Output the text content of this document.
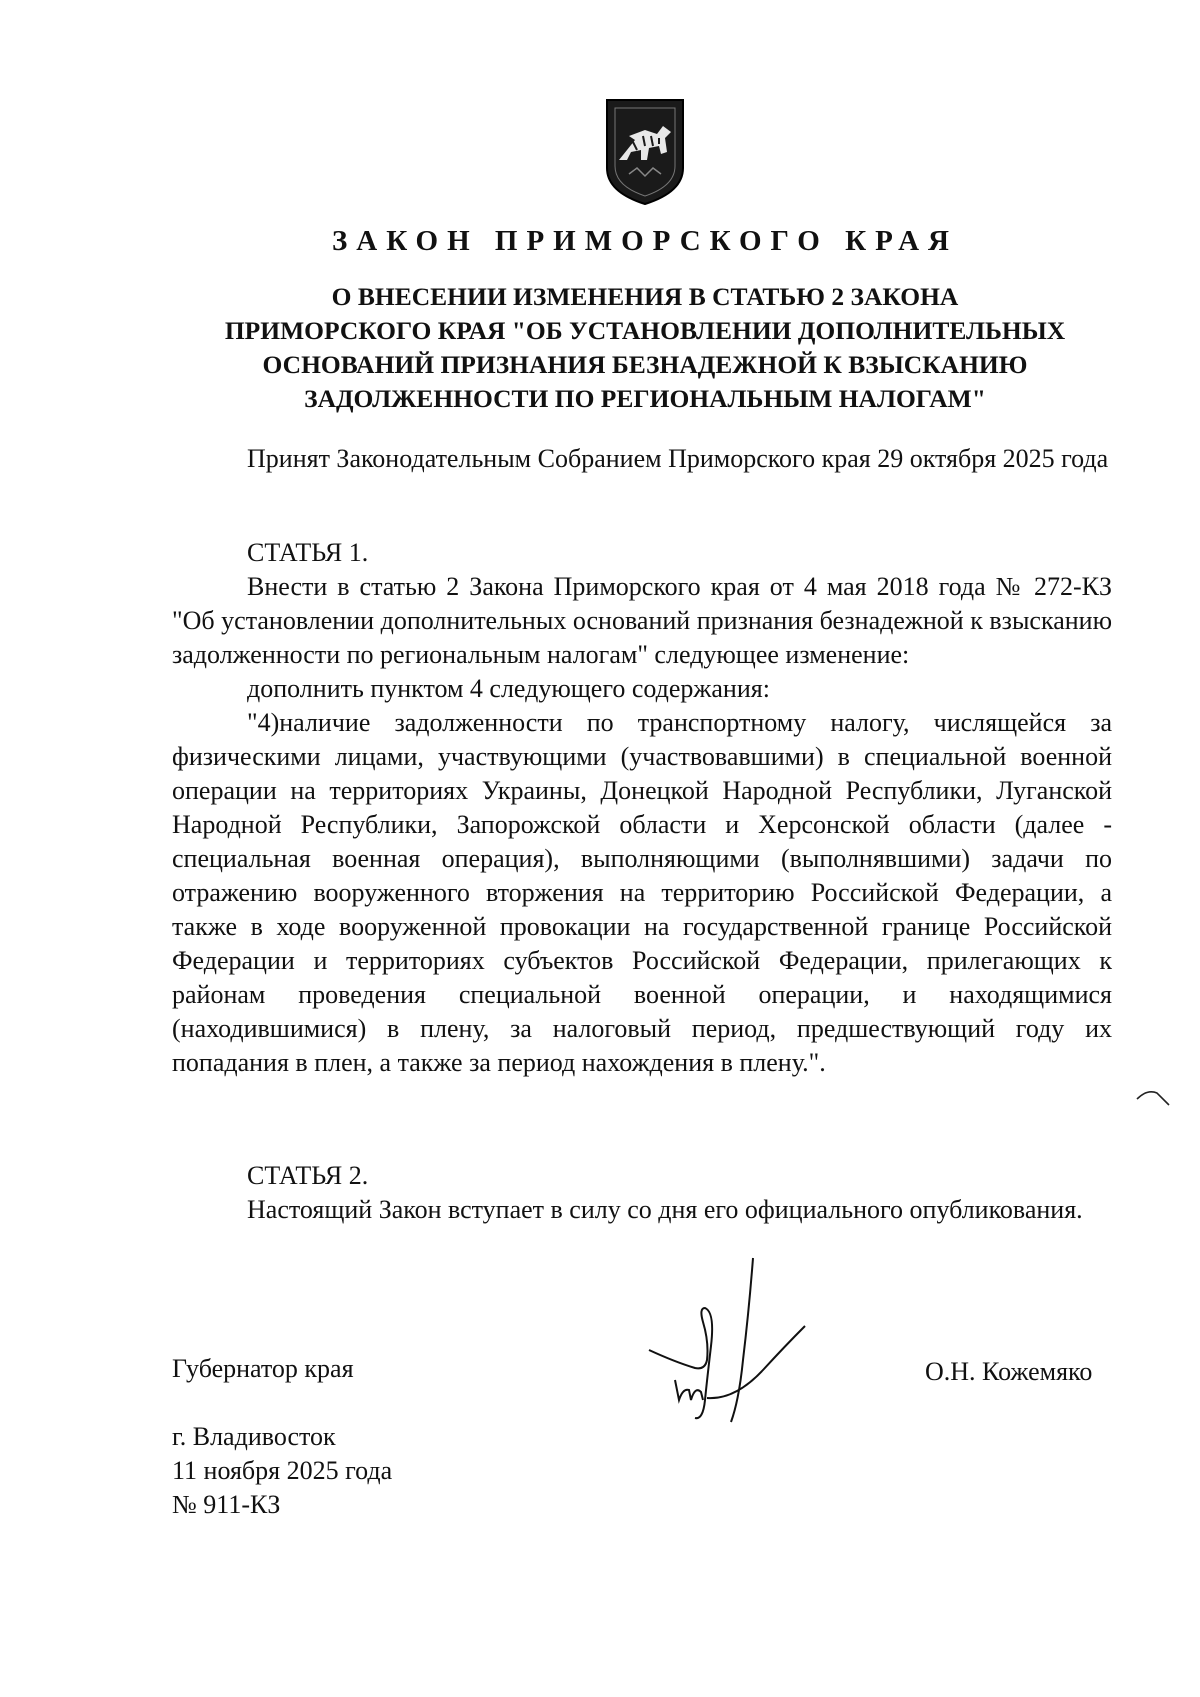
ЗАКОН ПРИМОРСКОГО КРАЯ
О ВНЕСЕНИИ ИЗМЕНЕНИЯ В СТАТЬЮ 2 ЗАКОНА
ПРИМОРСКОГО КРАЯ "ОБ УСТАНОВЛЕНИИ ДОПОЛНИТЕЛЬНЫХ
ОСНОВАНИЙ ПРИЗНАНИЯ БЕЗНАДЕЖНОЙ К ВЗЫСКАНИЮ
ЗАДОЛЖЕННОСТИ ПО РЕГИОНАЛЬНЫМ НАЛОГАМ"

Принят Законодательным Собранием Приморского края 29 октября 2025 года

СТАТЬЯ 1.

Внести в статью 2 Закона Приморского края от 4 мая 2018 года № 272-КЗ "Об установлении дополнительных оснований признания безнадежной к взысканию задолженности по региональным налогам" следующее изменение:

дополнить пунктом 4 следующего содержания:

"4)наличие задолженности по транспортному налогу, числящейся за физическими лицами, участвующими (участвовавшими) в специальной военной операции на территориях Украины, Донецкой Народной Республики, Луганской Народной Республики, Запорожской области и Херсонской области (далее - специальная военная операция), выполняющими (выполнявшими) задачи по отражению вооруженного вторжения на территорию Российской Федерации, а также в ходе вооруженной провокации на государственной границе Российской Федерации и территориях субъектов Российской Федерации, прилегающих к районам проведения специальной военной операции, и находящимися (находившимися) в плену, за налоговый период, предшествующий году их попадания в плен, а также за период нахождения в плену.".

СТАТЬЯ 2.

Настоящий Закон вступает в силу со дня его официального опубликования.

Губернатор края	О.Н. Кожемяко
г. Владивосток
11 ноября 2025 года
№ 911-КЗ
